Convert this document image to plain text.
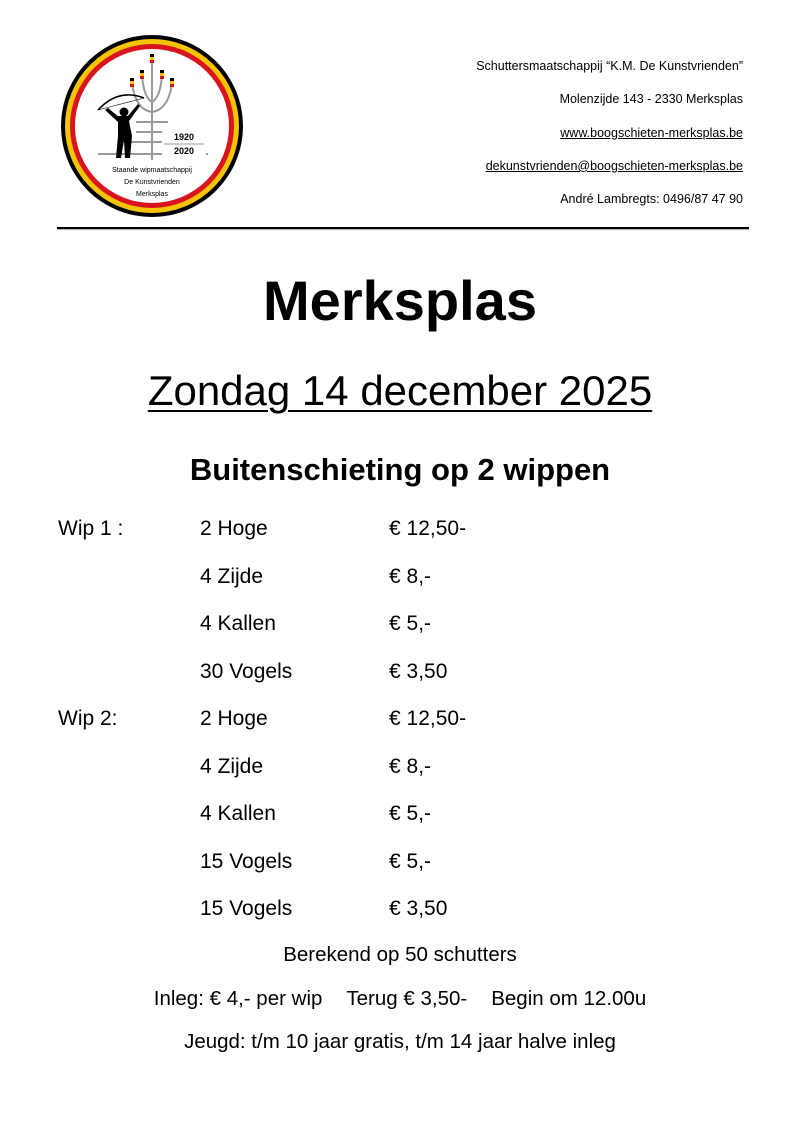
1920
2020
Staande wipmaatschappij
De Kunstvrienden
Merksplas
Schuttersmaatschappij “K.M. De Kunstvrienden”
Molenzijde 143 - 2330 Merksplas
www.boogschieten-merksplas.be
dekunstvrienden@boogschieten-merksplas.be
André Lambregts: 0496/87 47 90
Merksplas
Zondag 14 december 2025
Buitenschieting op 2 wippen
Wip 1 :	2 Hoge	€ 12,50-
4 Zijde	€ 8,-
4 Kallen	€ 5,-
30 Vogels	€ 3,50
Wip 2:	2 Hoge	€ 12,50-
4 Zijde	€ 8,-
4 Kallen	€ 5,-
15 Vogels	€ 5,-
15 Vogels	€ 3,50
Berekend op 50 schutters
Inleg: € 4,- per wip Terug € 3,50- Begin om 12.00u
Jeugd: t/m 10 jaar gratis, t/m 14 jaar halve inleg
